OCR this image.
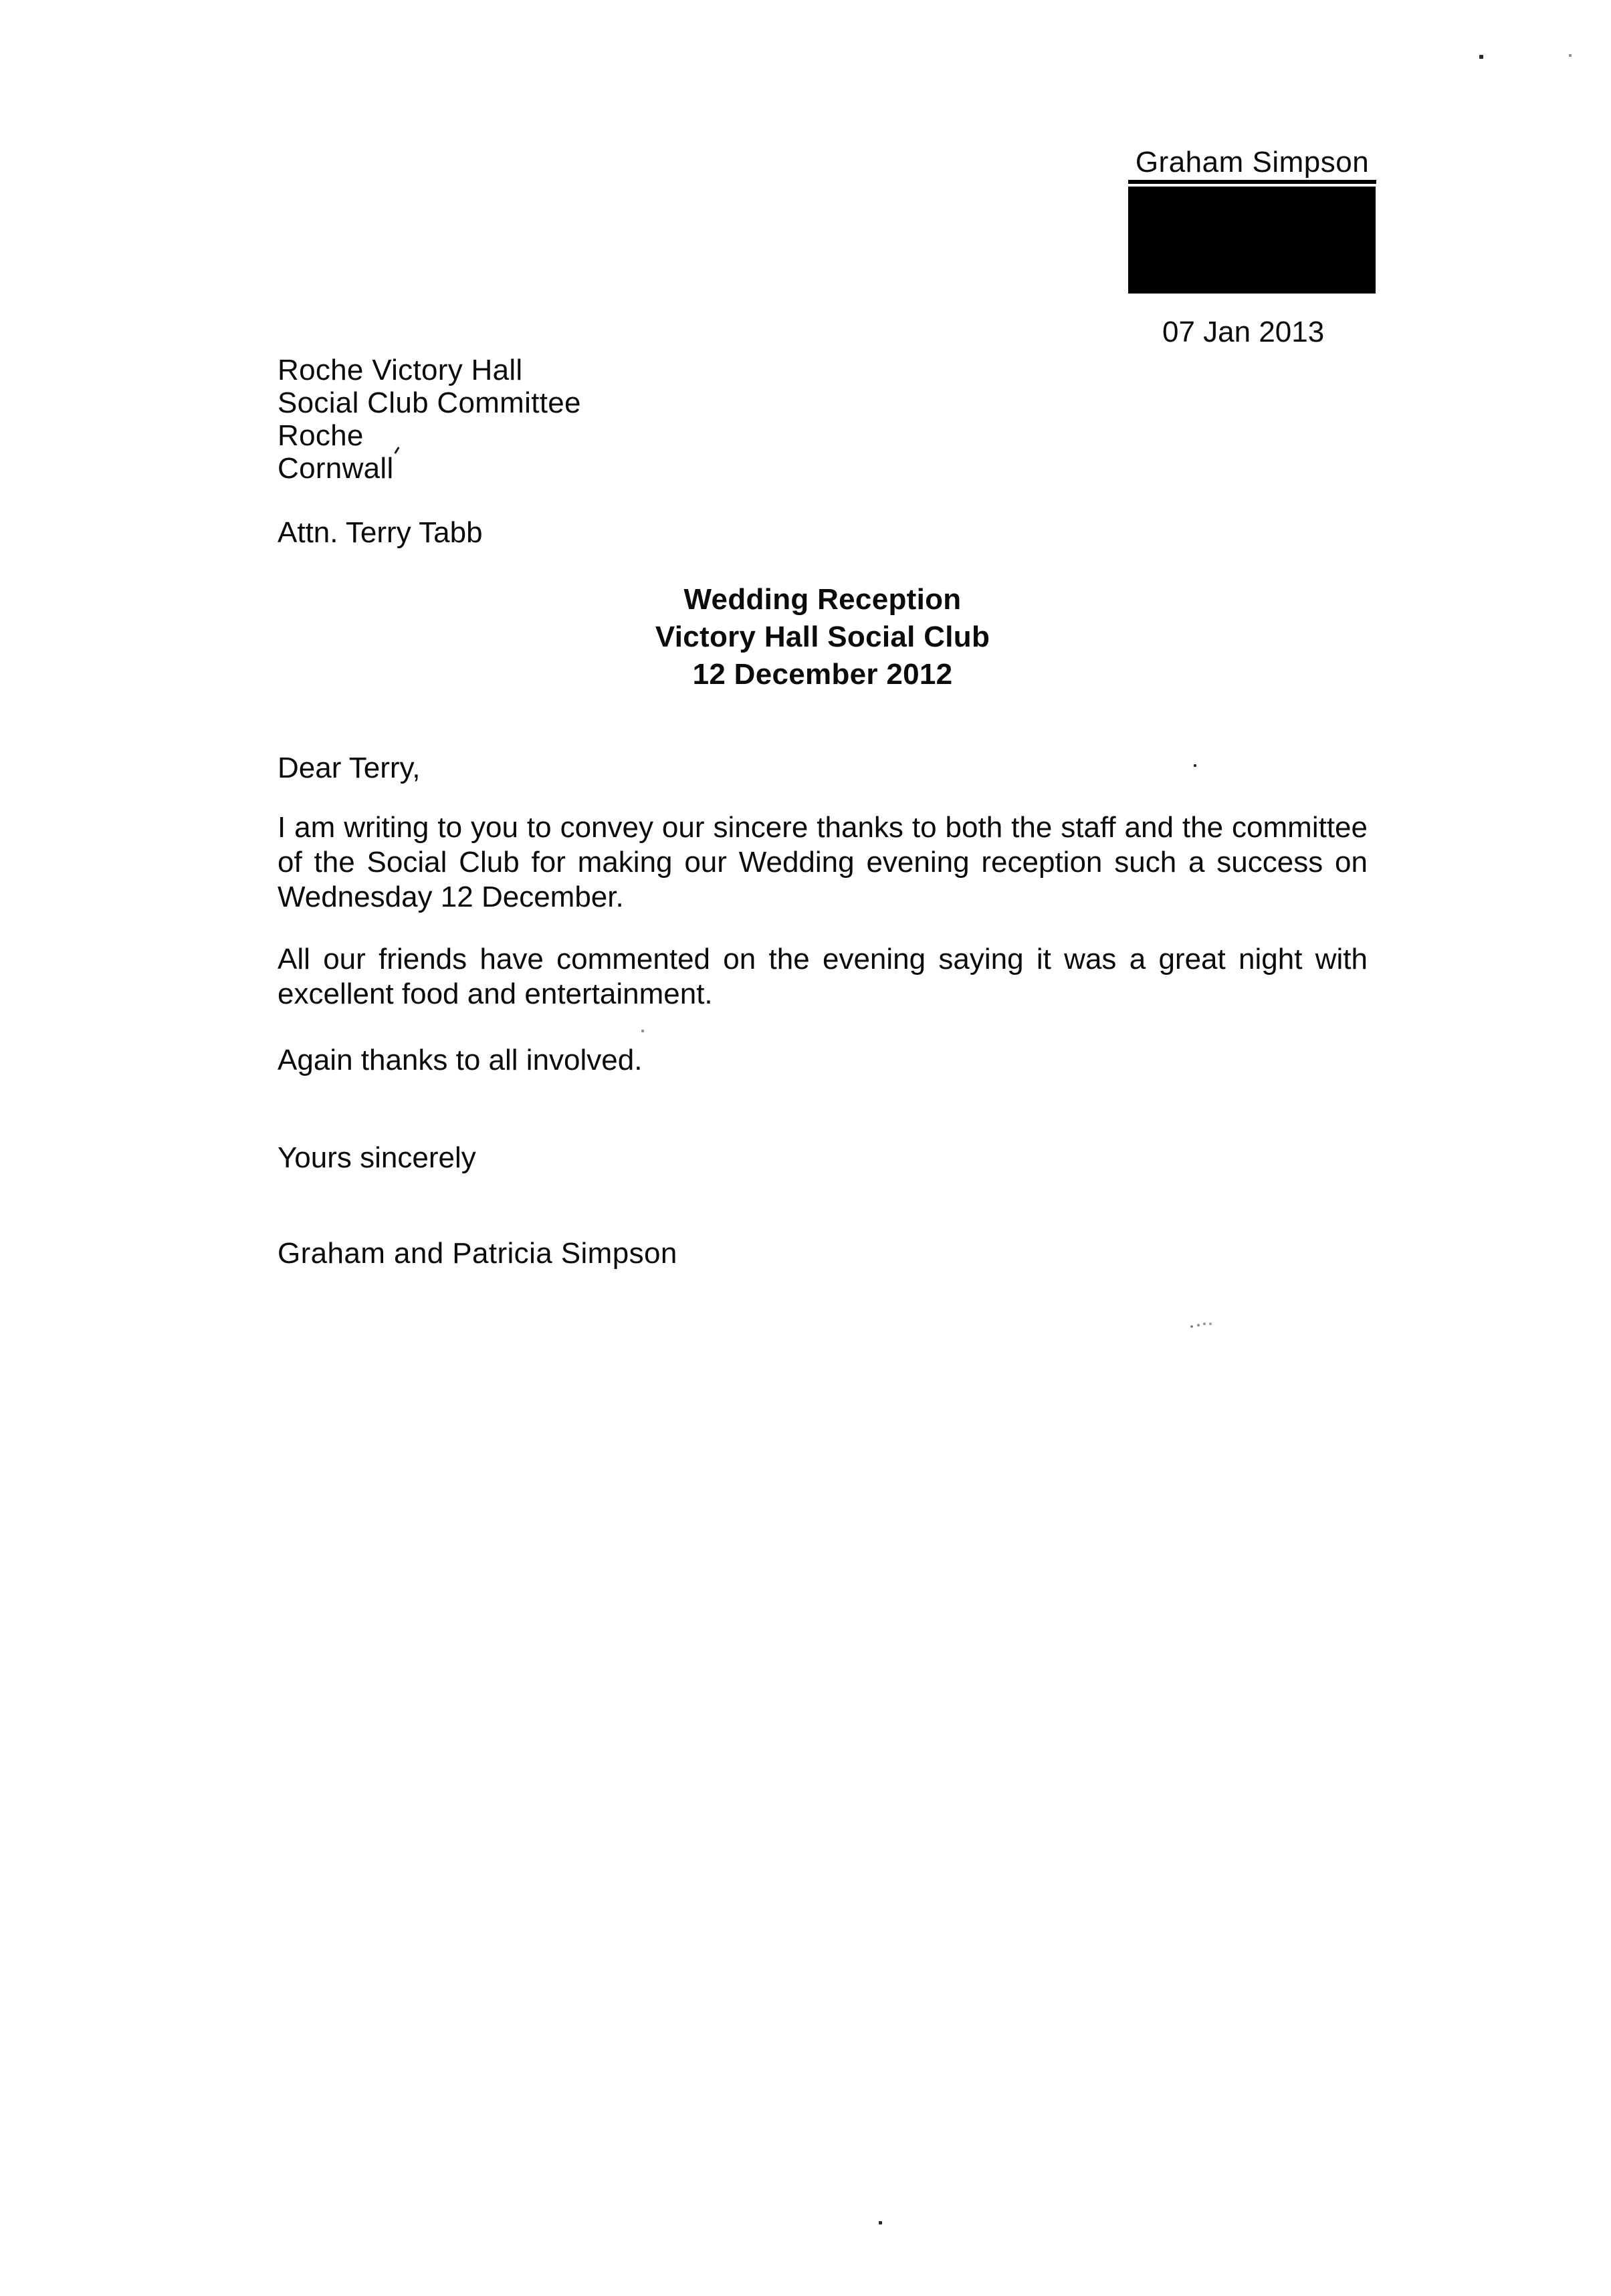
Graham Simpson
07 Jan 2013
Roche Victory Hall
Social Club Committee
Roche
Cornwall
Attn. Terry Tabb
Wedding Reception
Victory Hall Social Club
12 December 2012
Dear Terry,
I am writing to you to convey our sincere thanks to both the staff and the committee
of the Social Club for making our Wedding evening reception such a success on
Wednesday 12 December.
All our friends have commented on the evening saying it was a great night with
excellent food and entertainment.
Again thanks to all involved.
Yours sincerely
Graham and Patricia Simpson
